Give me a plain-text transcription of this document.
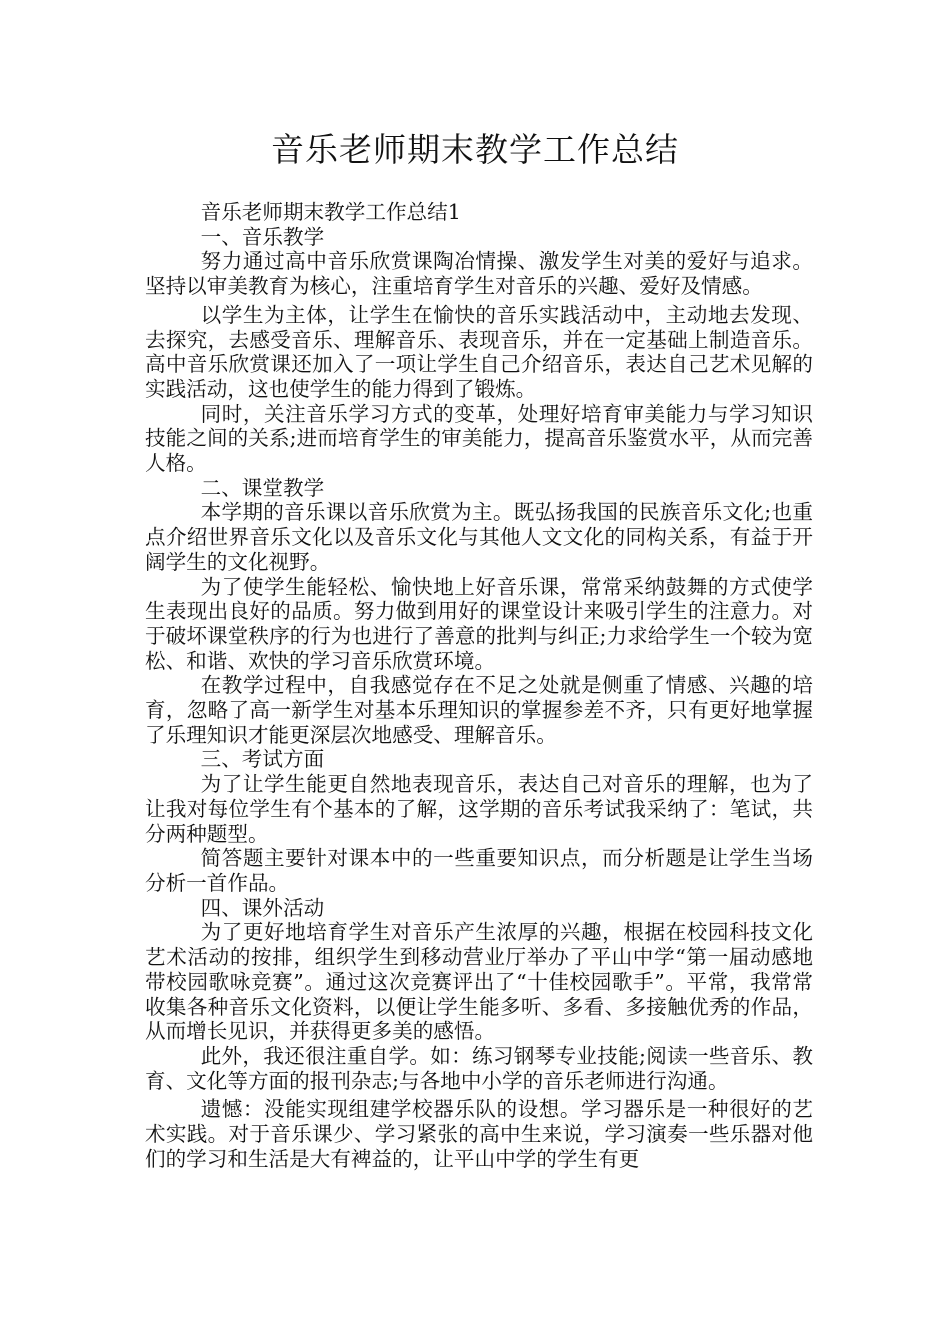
音乐老师期末教学工作总结

音乐老师期末教学工作总结1

一、音乐教学

努力通过高中音乐欣赏课陶冶情操、激发学生对美的爱好与追求。坚持以审美教育为核心，注重培育学生对音乐的兴趣、爱好及情感。

以学生为主体，让学生在愉快的音乐实践活动中，主动地去发现、去探究，去感受音乐、理解音乐、表现音乐，并在一定基础上制造音乐。高中音乐欣赏课还加入了一项让学生自己介绍音乐，表达自己艺术见解的实践活动，这也使学生的能力得到了锻炼。

同时，关注音乐学习方式的变革，处理好培育审美能力与学习知识技能之间的关系;进而培育学生的审美能力，提高音乐鉴赏水平，从而完善人格。

二、课堂教学

本学期的音乐课以音乐欣赏为主。既弘扬我国的民族音乐文化;也重点介绍世界音乐文化以及音乐文化与其他人文文化的同构关系，有益于开阔学生的文化视野。

为了使学生能轻松、愉快地上好音乐课，常常采纳鼓舞的方式使学生表现出良好的品质。努力做到用好的课堂设计来吸引学生的注意力。对于破坏课堂秩序的行为也进行了善意的批判与纠正;力求给学生一个较为宽松、和谐、欢快的学习音乐欣赏环境。

在教学过程中，自我感觉存在不足之处就是侧重了情感、兴趣的培育，忽略了高一新学生对基本乐理知识的掌握参差不齐，只有更好地掌握了乐理知识才能更深层次地感受、理解音乐。

三、考试方面

为了让学生能更自然地表现音乐，表达自己对音乐的理解，也为了让我对每位学生有个基本的了解，这学期的音乐考试我采纳了：笔试，共分两种题型。

简答题主要针对课本中的一些重要知识点，而分析题是让学生当场分析一首作品。

四、课外活动

为了更好地培育学生对音乐产生浓厚的兴趣，根据在校园科技文化艺术活动的按排，组织学生到移动营业厅举办了平山中学“第一届动感地带校园歌咏竞赛”。通过这次竞赛评出了“十佳校园歌手”。平常，我常常收集各种音乐文化资料，以便让学生能多听、多看、多接触优秀的作品，从而增长见识，并获得更多美的感悟。

此外，我还很注重自学。如：练习钢琴专业技能;阅读一些音乐、教育、文化等方面的报刊杂志;与各地中小学的音乐老师进行沟通。

遗憾：没能实现组建学校器乐队的设想。学习器乐是一种很好的艺术实践。对于音乐课少、学习紧张的高中生来说，学习演奏一些乐器对他们的学习和生活是大有裨益的，让平山中学的学生有更
